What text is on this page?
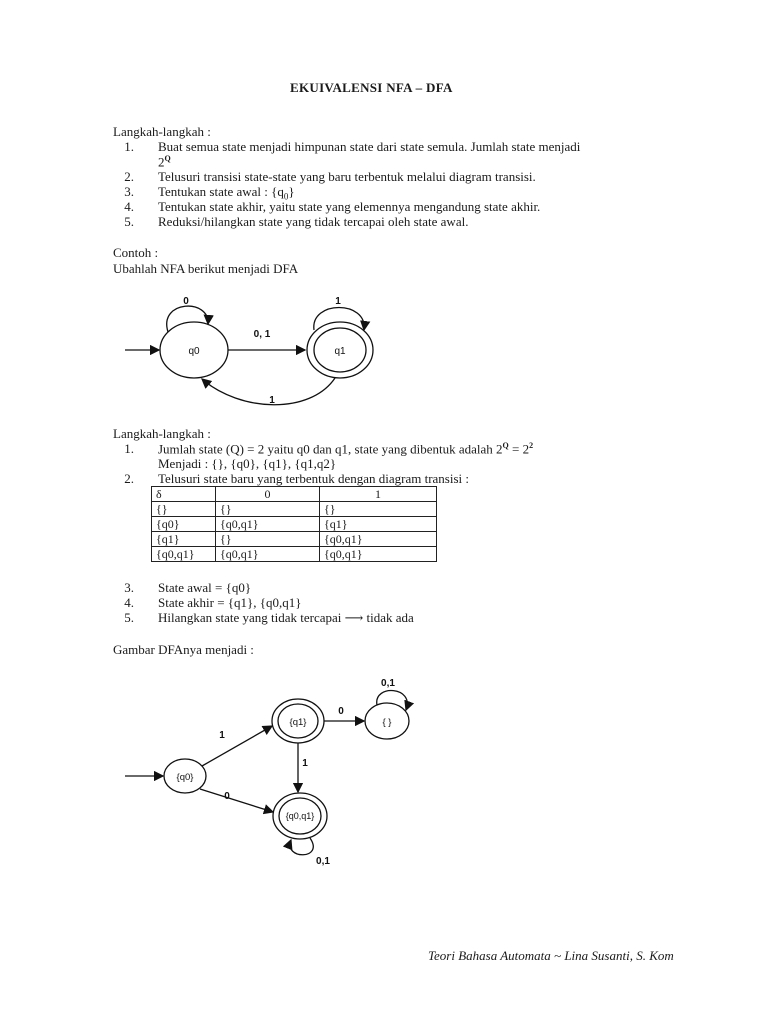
EKUIVALENSI NFA – DFA
Langkah-langkah :
1. Buat semua state menjadi himpunan state dari state semula. Jumlah state menjadi
$2^Q$
2. Telusuri transisi state-state yang baru terbentuk melalui diagram transisi.
3. Tentukan state awal : $\{q_0\}$
4. Tentukan state akhir, yaitu state yang elemennya mengandung state akhir.
5. Reduksi/hilangkan state yang tidak tercapai oleh state awal.
Contoh :
Ubahlah NFA berikut menjadi DFA
q0
0
q1
1
0, 1
1
Langkah-langkah :
1. Jumlah state (Q) = 2 yaitu q0 dan q1, state yang dibentuk adalah $2^Q = 2^2$
Menjadi : {}, {q0}, {q1}, {q1,q2}
2. Telusuri state baru yang terbentuk dengan diagram transisi :
δ	0	1
{}	{}	{}
{q0}	{q0,q1}	{q1}
{q1}	{}	{q0,q1}
{q0,q1}	{q0,q1}	{q0,q1}
3. State awal = {q0}
4. State akhir = {q1}, {q0,q1}
5. Hilangkan state yang tidak tercapai ⟶ tidak ada
Gambar DFAnya menjadi :
{q0}
{q1}	{ }
0,1
{q0,q1}
0,1
1
0
0
1
Teori Bahasa Automata ~ Lina Susanti, S. Kom
